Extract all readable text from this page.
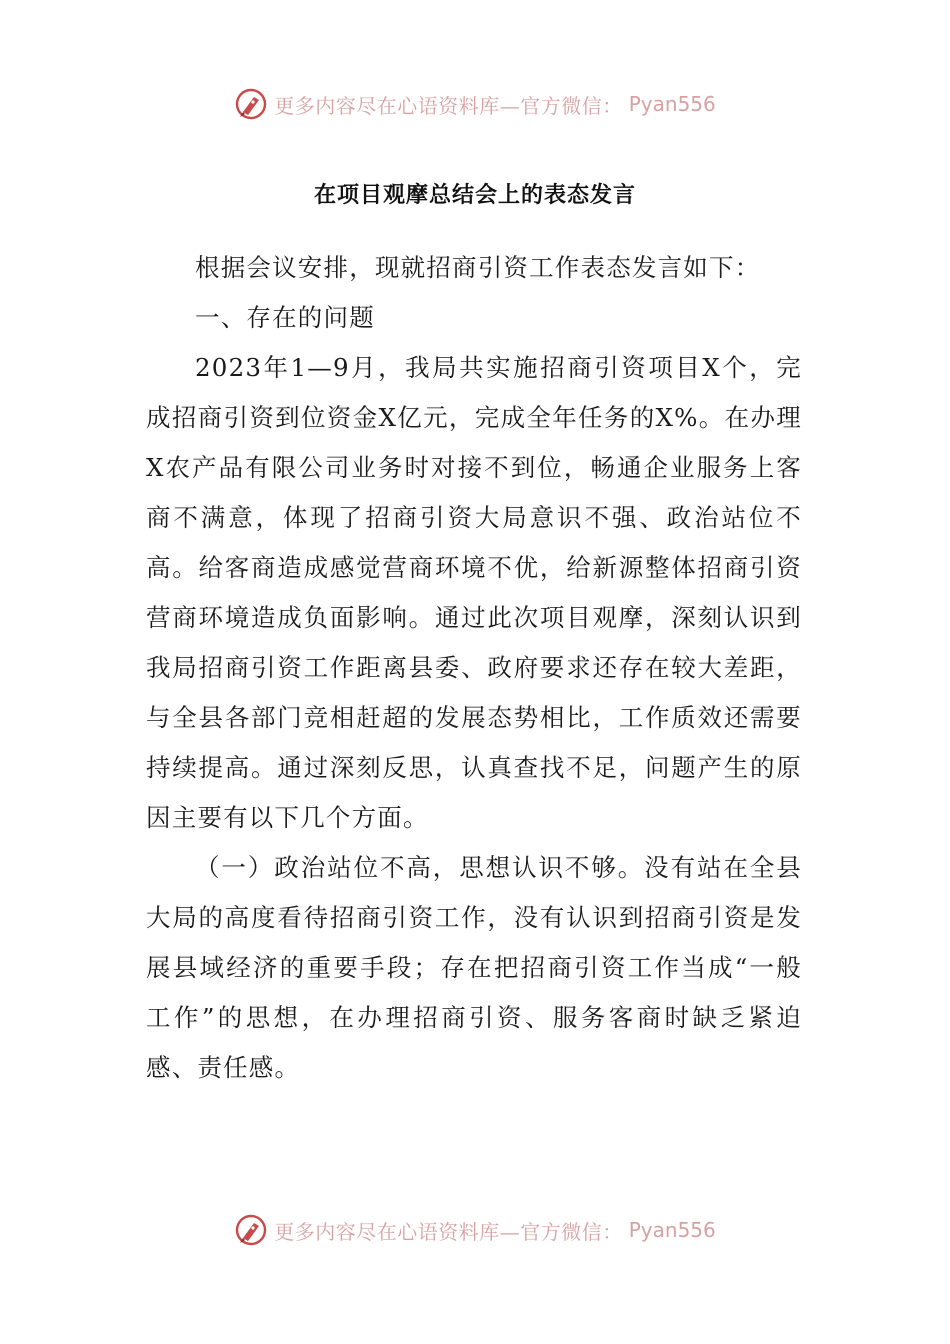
更多内容尽在心语资料库—官方微信： Pyan556
在项目观摩总结会上的表态发言

根据会议安排，现就招商引资工作表态发言如下：

一、存在的问题

2023年1—9月，我局共实施招商引资项目X个，完成招商引资到位资金X亿元，完成全年任务的X%。在办理X农产品有限公司业务时对接不到位，畅通企业服务上客商不满意，体现了招商引资大局意识不强、政治站位不高。给客商造成感觉营商环境不优，给新源整体招商引资营商环境造成负面影响。通过此次项目观摩，深刻认识到我局招商引资工作距离县委、政府要求还存在较大差距，与全县各部门竞相赶超的发展态势相比，工作质效还需要持续提高。通过深刻反思，认真查找不足，问题产生的原因主要有以下几个方面。

（一）政治站位不高，思想认识不够。没有站在全县大局的高度看待招商引资工作，没有认识到招商引资是发展县域经济的重要手段；存在把招商引资工作当成“一般工作”的思想，在办理招商引资、服务客商时缺乏紧迫感、责任感。

更多内容尽在心语资料库—官方微信： Pyan556
